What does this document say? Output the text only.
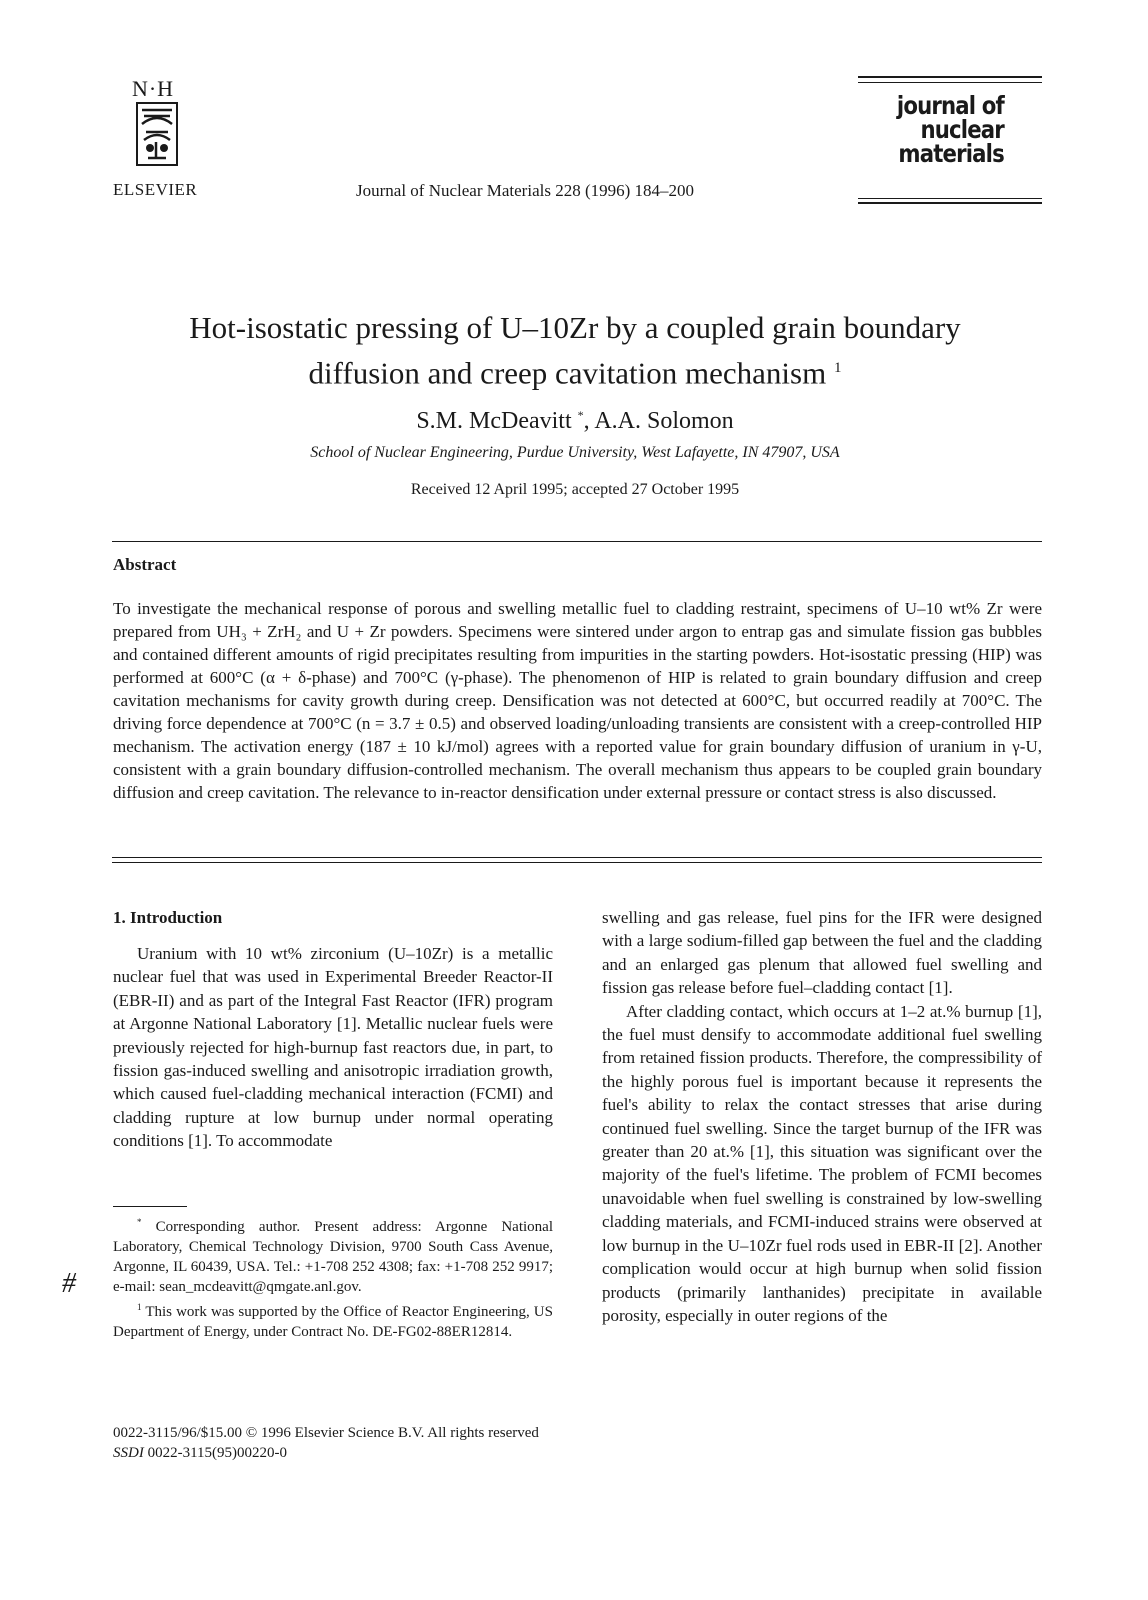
N·H
ELSEVIER	Journal of Nuclear Materials 228 (1996) 184–200
journal of
nuclear
materials
Hot-isostatic pressing of U–10Zr by a coupled grain boundary
diffusion and creep cavitation mechanism $^1$
S.M. McDeavitt *, A.A. Solomon
School of Nuclear Engineering, Purdue University, West Lafayette, IN 47907, USA
Received 12 April 1995; accepted 27 October 1995
Abstract
To investigate the mechanical response of porous and swelling metallic fuel to cladding restraint, specimens of U–10 wt% Zr were prepared from UH₃ + ZrH₂ and U + Zr powders. Specimens were sintered under argon to entrap gas and simulate fission gas bubbles and contained different amounts of rigid precipitates resulting from impurities in the starting powders. Hot-isostatic pressing (HIP) was performed at 600°C (α + δ-phase) and 700°C (γ-phase). The phenomenon of HIP is related to grain boundary diffusion and creep cavitation mechanisms for cavity growth during creep. Densification was not detected at 600°C, but occurred readily at 700°C. The driving force dependence at 700°C (n = 3.7 ± 0.5) and observed loading/unloading transients are consistent with a creep-controlled HIP mechanism. The activation energy (187 ± 10 kJ/mol) agrees with a reported value for grain boundary diffusion of uranium in γ-U, consistent with a grain boundary diffusion-controlled mechanism. The overall mechanism thus appears to be coupled grain boundary diffusion and creep cavitation. The relevance to in-reactor densification under external pressure or contact stress is also discussed.
1. Introduction

Uranium with 10 wt% zirconium (U–10Zr) is a metallic nuclear fuel that was used in Experimental Breeder Reactor-II (EBR-II) and as part of the Integral Fast Reactor (IFR) program at Argonne National Laboratory [1]. Metallic nuclear fuels were previously rejected for high-burnup fast reactors due, in part, to fission gas-induced swelling and anisotropic irradiation growth, which caused fuel-cladding mechanical interaction (FCMI) and cladding rupture at low burnup under normal operating conditions [1]. To accommodate

swelling and gas release, fuel pins for the IFR were designed with a large sodium-filled gap between the fuel and the cladding and an enlarged gas plenum that allowed fuel swelling and fission gas release before fuel–cladding contact [1].

After cladding contact, which occurs at 1–2 at.% burnup [1], the fuel must densify to accommodate additional fuel swelling from retained fission products. Therefore, the compressibility of the highly porous fuel is important because it represents the fuel's ability to relax the contact stresses that arise during continued fuel swelling. Since the target burnup of the IFR was greater than 20 at.% [1], this situation was significant over the majority of the fuel's lifetime. The problem of FCMI becomes unavoidable when fuel swelling is constrained by low-swelling cladding materials, and FCMI-induced strains were observed at low burnup in the U–10Zr fuel rods used in EBR-II [2]. Another complication would occur at high burnup when solid fission products (primarily lanthanides) precipitate in available porosity, especially in outer regions of the

* Corresponding author. Present address: Argonne National Laboratory, Chemical Technology Division, 9700 South Cass Avenue, Argonne, IL 60439, USA. Tel.: +1-708 252 4308; fax: +1-708 252 9917; e-mail: sean_mcdeavitt@qmgate.anl.gov.

$^1$ This work was supported by the Office of Reactor Engineering, US Department of Energy, under Contract No. DE-FG02-88ER12814.

#
0022-3115/96/$15.00 © 1996 Elsevier Science B.V. All rights reserved
SSDI 0022-3115(95)00220-0
